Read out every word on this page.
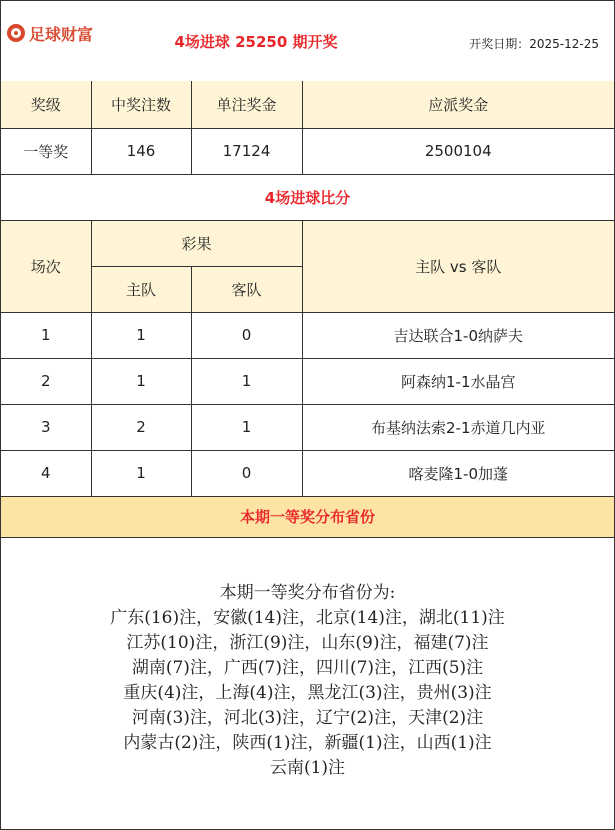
足球财富	4场进球 25250 期开奖	开奖日期：2025-12-25
奖级	中奖注数	单注奖金	应派奖金
一等奖	146	17124	2500104
4场进球比分
场次	彩果		主队 vs 客队
	主队	客队	
1	1	0	吉达联合1-0纳萨夫
2	1	1	阿森纳1-1水晶宫
3	2	1	布基纳法索2-1赤道几内亚
4	1	0	喀麦隆1-0加蓬
本期一等奖分布省份
本期一等奖分布省份为:
广东(16)注，安徽(14)注，北京(14)注，湖北(11)注
江苏(10)注，浙江(9)注，山东(9)注，福建(7)注
湖南(7)注，广西(7)注，四川(7)注，江西(5)注
重庆(4)注，上海(4)注，黑龙江(3)注，贵州(3)注
河南(3)注，河北(3)注，辽宁(2)注，天津(2)注
内蒙古(2)注，陕西(1)注，新疆(1)注，山西(1)注
云南(1)注
